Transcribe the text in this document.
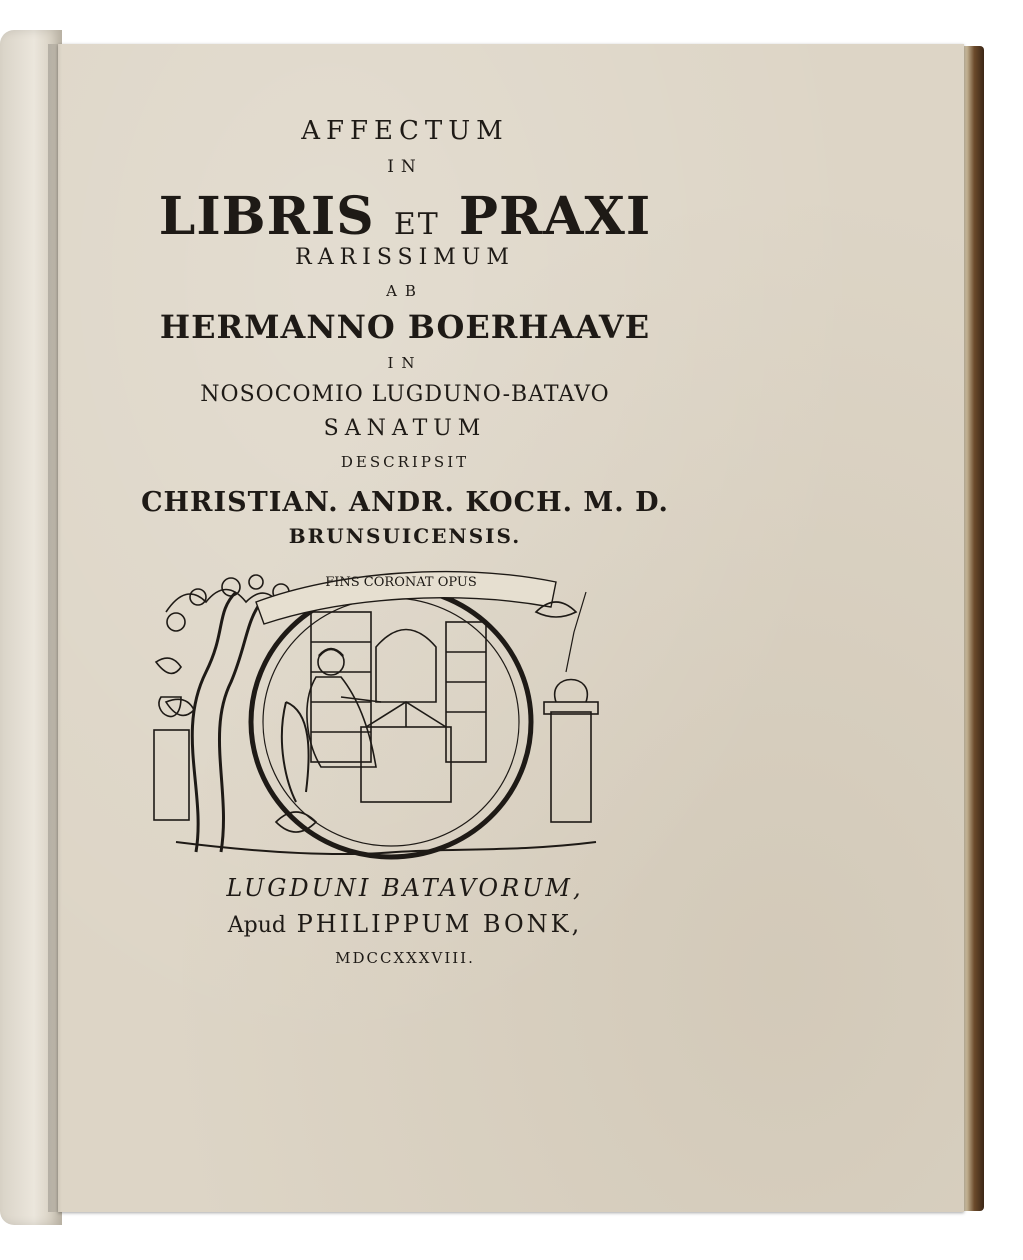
AFFECTUM
IN
LIBRIS ET PRAXI
RARISSIMUM
AB
HERMANNO BOERHAAVE
IN
NOSOCOMIO LUGDUNO-BATAVO
SANATUM
DESCRIPSIT
CHRISTIAN. ANDR. KOCH. M. D.
BRUNSUICENSIS.
FINS CORONAT OPUS
LUGDUNI BATAVORUM,
Apud PHILIPPUM BONK,
MDCCXXXVIII.
